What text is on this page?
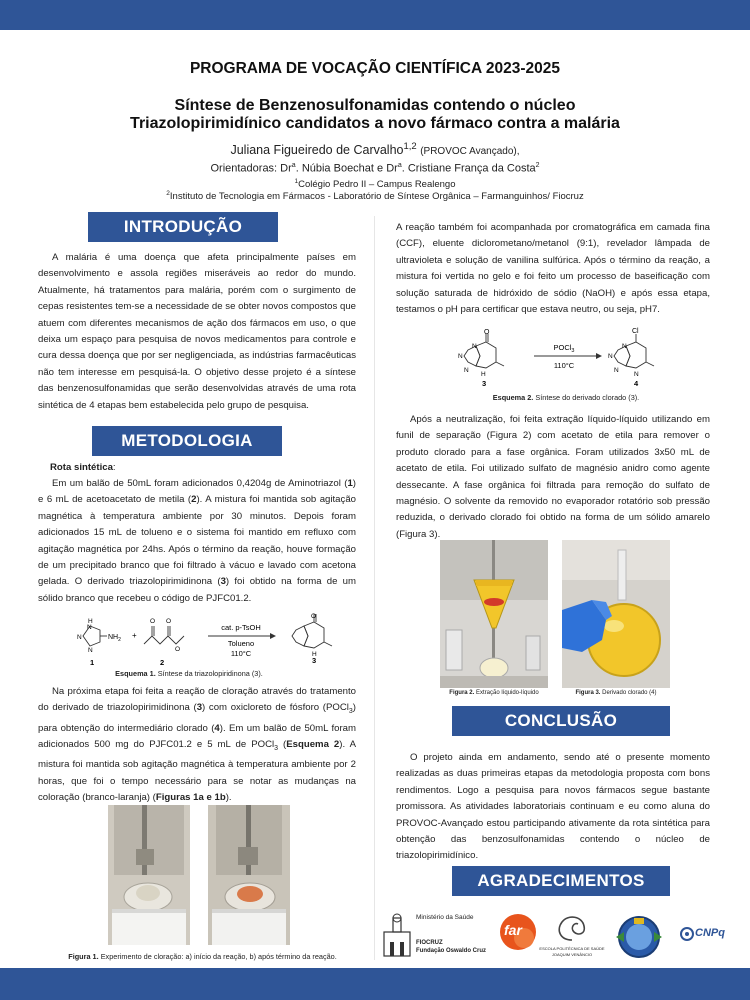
PROGRAMA DE VOCAÇÃO CIENTÍFICA 2023-2025
Síntese de Benzenosulfonamidas contendo o núcleo
Triazolopirimidínico candidatos a novo fármaco contra a malária
Juliana Figueiredo de Carvalho$^{1,2}$ (PROVOC Avançado),
Orientadoras: Dr$^a$. Núbia Boechat e Dr$^a$. Cristiane França da Costa$^2$
$^1$Colégio Pedro II – Campus Realengo
$^2$Instituto de Tecnologia em Fármacos - Laboratório de Síntese Orgânica – Farmanguinhos/ Fiocruz
INTRODUÇÃO
A malária é uma doença que afeta principalmente países em desenvolvimento e assola regiões miseráveis ao redor do mundo. Atualmente, há tratamentos para malária, porém com o surgimento de cepas resistentes tem-se a necessidade de se obter novos compostos que atuem com diferentes mecanismos de ação dos fármacos em uso, o que deixa um espaço para pesquisa de novos medicamentos para controle e cura dessa doença que por ser negligenciada, as indústrias farmacêuticas não tem interesse em pesquisá-la. O objetivo desse projeto é a síntese das benzenosulfonamidas que serão desenvolvidas através de uma rota sintética de 4 etapas bem estabelecida pelo grupo de pesquisa.
METODOLOGIA
Rota sintética:
Em um balão de 50mL foram adicionados 0,4204g de Aminotriazol (1) e 6 mL de acetoacetato de metila (2). A mistura foi mantida sob agitação magnética à temperatura ambiente por 30 minutos. Depois foram adicionados 15 mL de tolueno e o sistema foi mantido em refluxo com agitação magnética por 24hs. Após o término da reação, houve formação de um precipitado branco que foi filtrado à vácuo e lavado com acetona gelada. O derivado triazolopirimidinona (3) foi obtido na forma de um sólido branco que recebeu o código de PJFC01.2.
H
N
N
N
$NH_2$
1
+
O O
O
2
cat. p-TsOH
Tolueno
110°C
O
H
3
Esquema 1. Síntese da triazolopiridinona (3).
Na próxima etapa foi feita a reação de cloração através do tratamento do derivado de triazolopirimidinona (3) com oxicloreto de fósforo (POCl$_3$) para obtenção do intermediário clorado (4). Em um balão de 50mL foram adicionados 500 mg do PJFC01.2 e 5 mL de POCl$_3$ (Esquema 2). A mistura foi mantida sob agitação magnética à temperatura ambiente por 2 horas, que foi o tempo necessário para se notar as mudanças na coloração (branco-laranja) (Figuras 1a e 1b).
Figura 1. Experimento de cloração: a) início da reação, b) após término da reação.
A reação também foi acompanhada por cromatográfica em camada fina (CCF), eluente diclorometano/metanol (9:1), revelador lâmpada de ultravioleta e solução de vanilina sulfúrica. Após o término da reação, a mistura foi vertida no gelo e foi feito um processo de baseificação com solução saturada de hidróxido de sódio (NaOH) e após essa etapa, testamos o pH para certificar que estava neutro, ou seja, pH7.
O
N
N
N
H
3
POCl$_3$
110°C
Cl
N
N
N
N
4
Esquema 2. Síntese do derivado clorado (3).
Após a neutralização, foi feita extração líquido-líquido utilizando em funil de separação (Figura 2) com acetato de etila para remover o produto clorado para a fase orgânica. Foram utilizados 3x50 mL de acetato de etila. Foi utilizado sulfato de magnésio anidro como agente dessecante. A fase orgânica foi filtrada para remoção do sulfato de magnésio. O solvente da removido no evaporador rotatório sob pressão reduzida, o derivado clorado foi obtido na forma de um sólido amarelo (Figura 3).
Figura 2. Extração líquido-líquido	Figura 3. Derivado clorado (4)
CONCLUSÃO
O projeto ainda em andamento, sendo até o presente momento realizadas as duas primeiras etapas da metodologia proposta com bons rendimentos. Logo a pesquisa para novos fármacos segue bastante promissora. As atividades laboratoriais continuam e eu como aluna do PROVOC-Avançado estou participando ativamente da rota sintética para obtenção das benzosulfonamidas contendo o núcleo de triazolopirimidínico.
AGRADECIMENTOS
Ministério da Saúde
FIOCRUZ
Fundação Oswaldo Cruz
far
ESCOLA POLITÉCNICA DE SAÚDE
JOAQUIM VENÂNCIO
CNPq
